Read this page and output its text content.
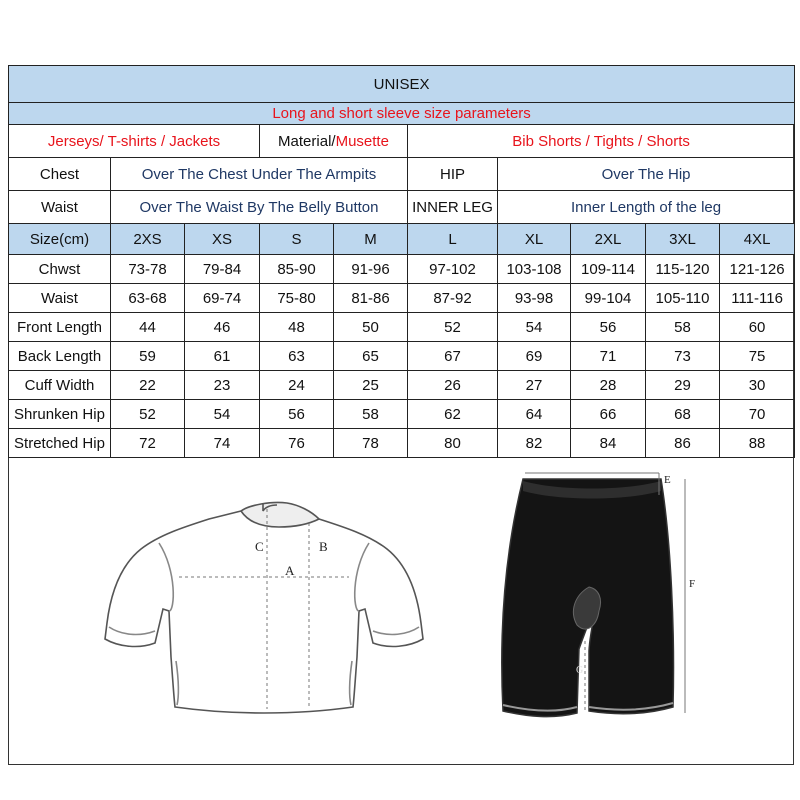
UNISEX									
Long and short sleeve size parameters									
Jerseys/ T-shirts / Jackets			Material/Musette		Bib Shorts / Tights / Shorts				
Chest	Over The Chest Under The Armpits				HIP	Over The Hip			
Waist	Over The Waist By The Belly Button				INNER LEG	Inner Length of the leg			
Size(cm)	2XS	XS	S	M	L	XL	2XL	3XL	4XL
Chwst	73-78	79-84	85-90	91-96	97-102	103-108	109-114	115-120	121-126
Waist	63-68	69-74	75-80	81-86	87-92	93-98	99-104	105-110	111-116
Front Length	44	46	48	50	52	54	56	58	60
Back Length	59	61	63	65	67	69	71	73	75
Cuff Width	22	23	24	25	26	27	28	29	30
Shrunken Hip	52	54	56	58	62	64	66	68	70
Stretched Hip	72	74	76	78	80	82	84	86	88
C	B
A
E
F
G
